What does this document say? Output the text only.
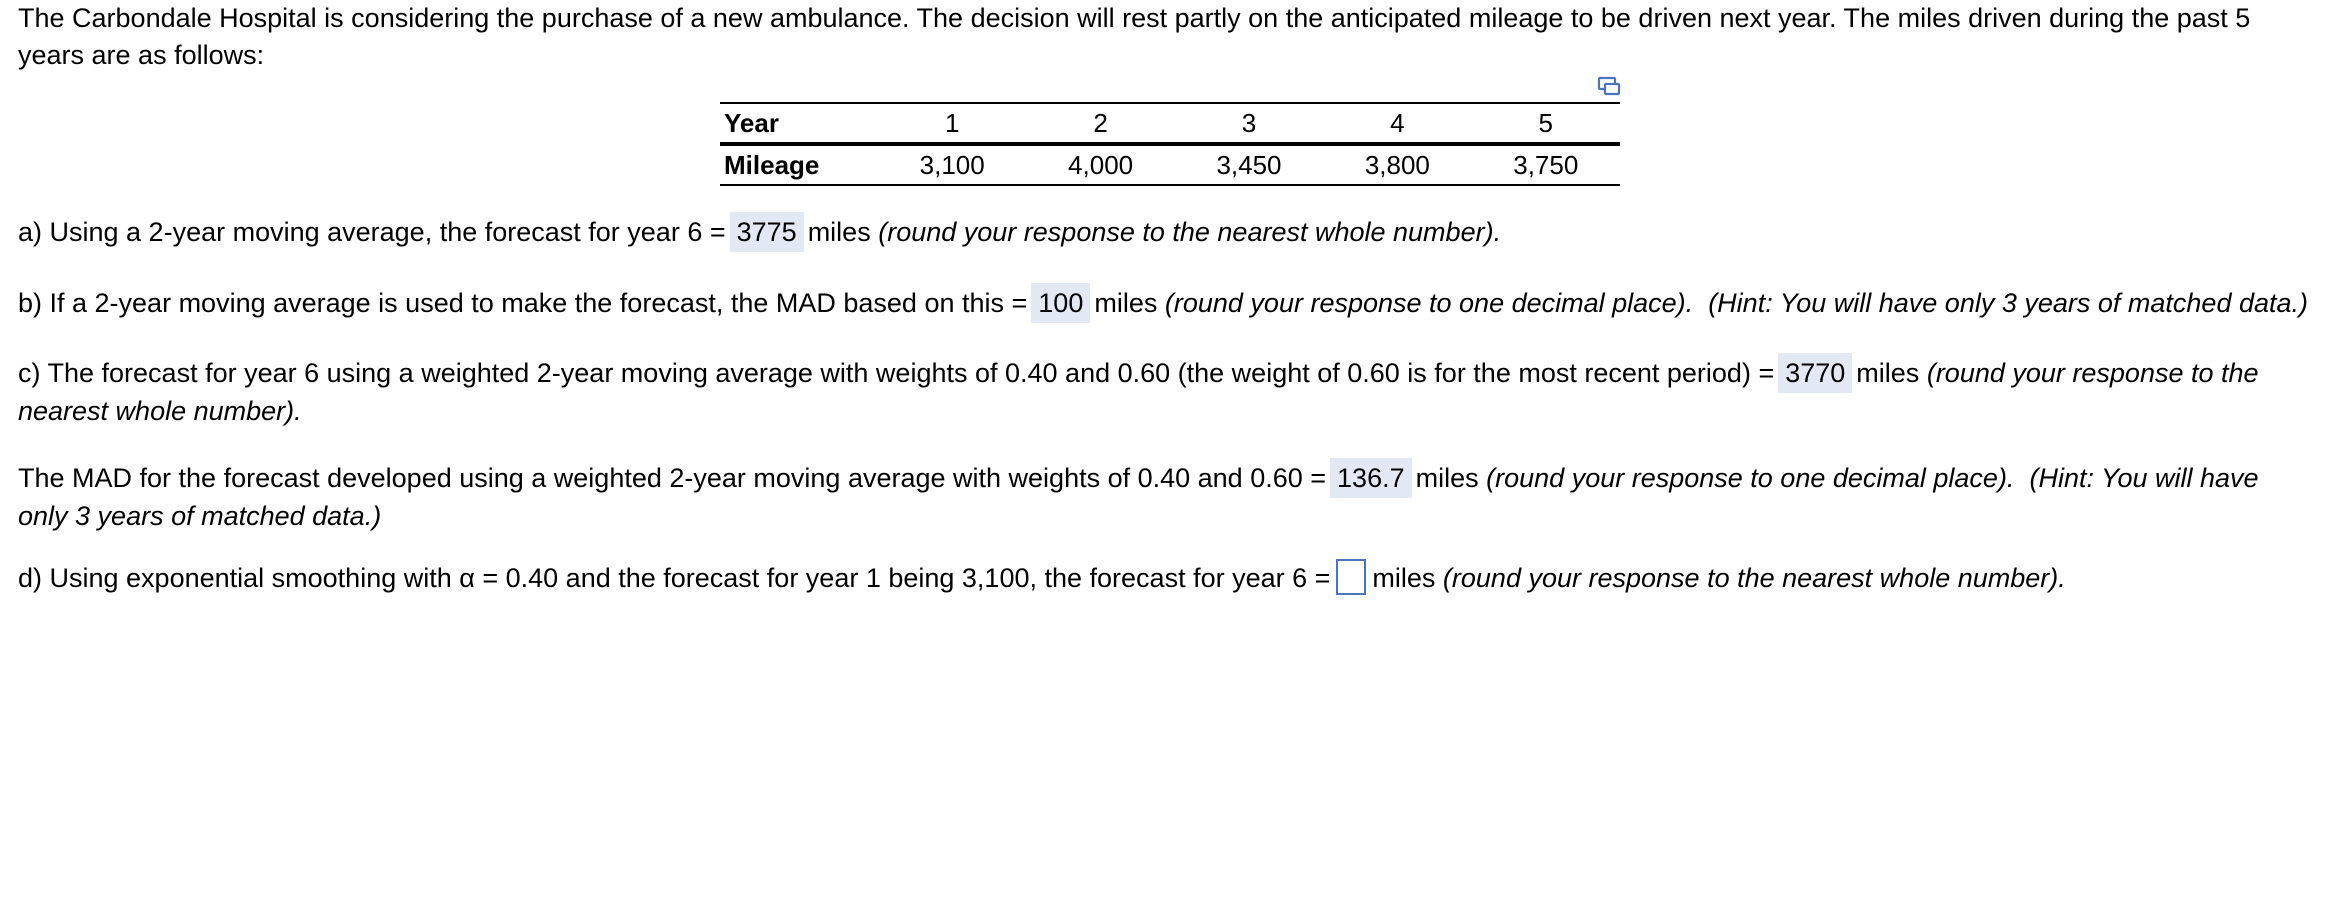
The Carbondale Hospital is considering the purchase of a new ambulance. The decision will rest partly on the anticipated mileage to be driven next year. The miles driven during the past 5 years are as follows:

Year	1	2	3	4	5
Mileage	3,100	4,000	3,450	3,800	3,750

a) Using a 2-year moving average, the forecast for year 6 = 3775 miles (round your response to the nearest whole number).

b) If a 2-year moving average is used to make the forecast, the MAD based on this = 100 miles (round your response to one decimal place). (Hint: You will have only 3 years of matched data.)

c) The forecast for year 6 using a weighted 2-year moving average with weights of 0.40 and 0.60 (the weight of 0.60 is for the most recent period) = 3770 miles (round your response to the nearest whole number).

The MAD for the forecast developed using a weighted 2-year moving average with weights of 0.40 and 0.60 = 136.7 miles (round your response to one decimal place). (Hint: You will have only 3 years of matched data.)

d) Using exponential smoothing with α = 0.40 and the forecast for year 1 being 3,100, the forecast for year 6 = miles (round your response to the nearest whole number).
